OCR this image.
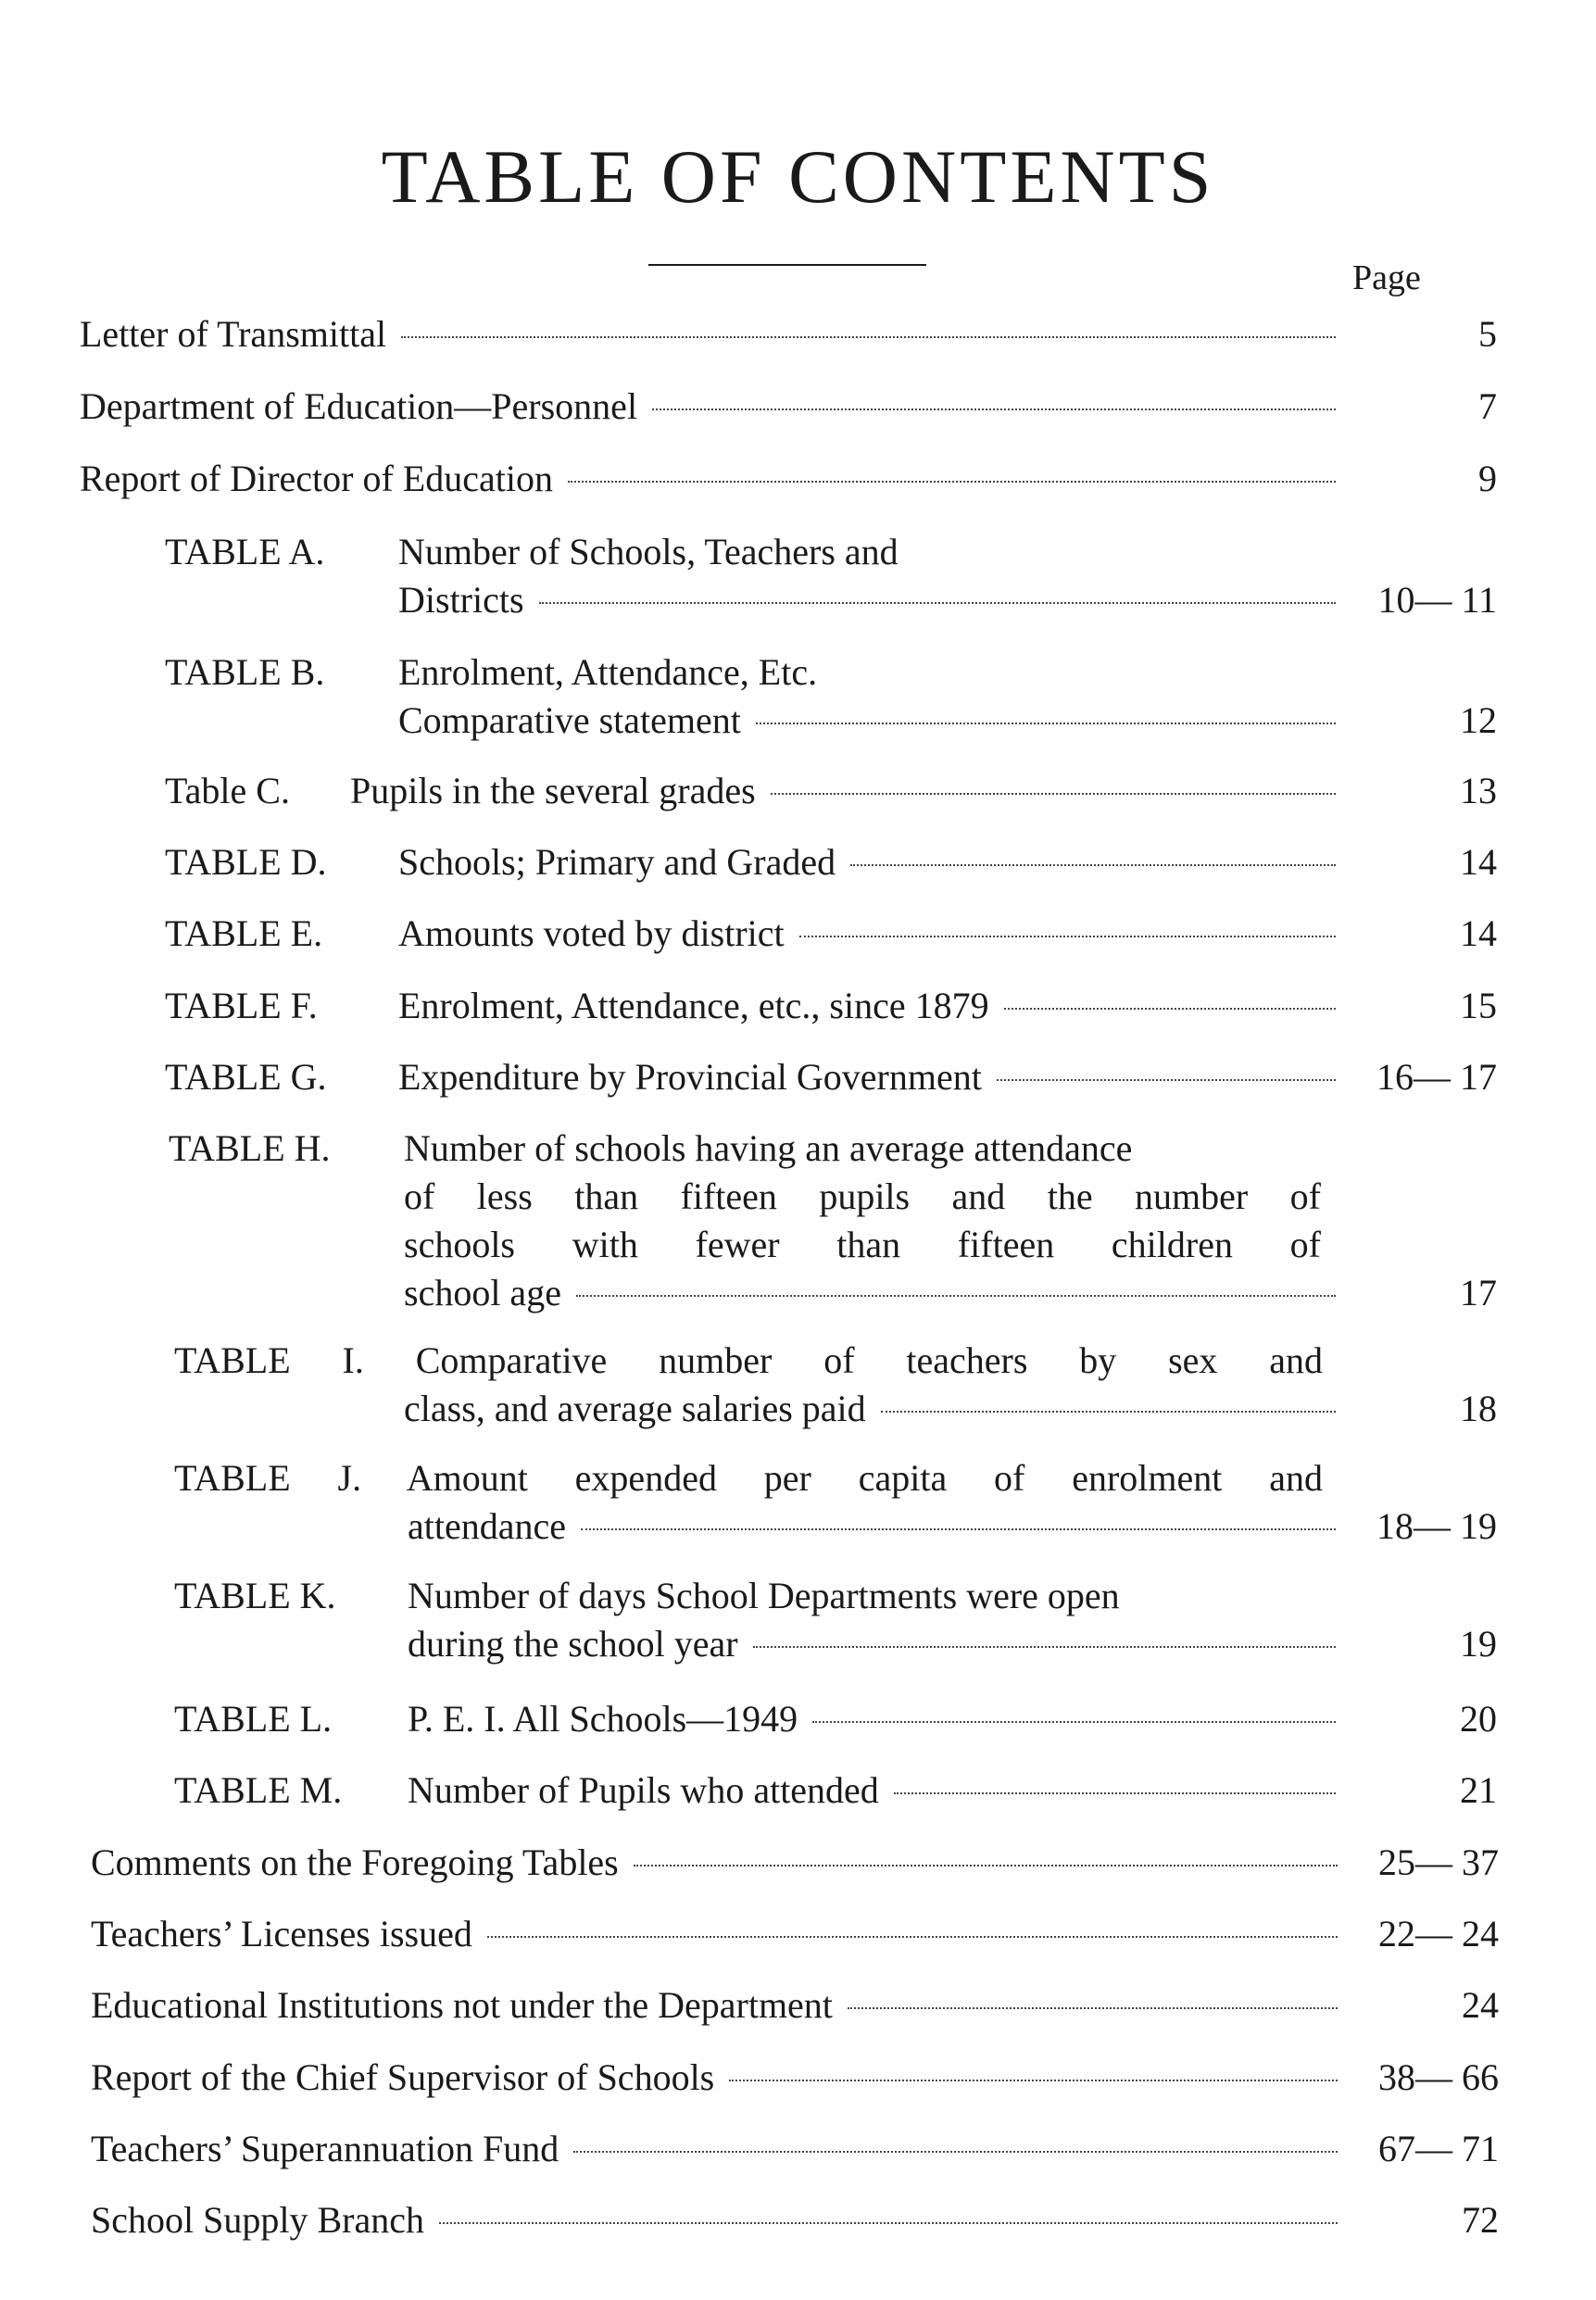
TABLE OF CONTENTS
Page
Letter of Transmittal	5
Department of Education—Personnel	7
Report of Director of Education	9
TABLE A.	Number of Schools, Teachers and
Districts	10— 11
TABLE B.	Enrolment, Attendance, Etc.
Comparative statement	12
Table C.	Pupils in the several grades	13
TABLE D.	Schools; Primary and Graded	14
TABLE E.	Amounts voted by district	14
TABLE F.	Enrolment, Attendance, etc., since 1879	15
TABLE G.	Expenditure by Provincial Government	16— 17
TABLE H.	Number of schools having an average attendance
of less than fifteen pupils and the number of
schools with fewer than fifteen children of
school age	17
TABLE I. Comparative number of teachers by sex and
class, and average salaries paid	18
TABLE J. Amount expended per capita of enrolment and
attendance	18— 19
TABLE K.	Number of days School Departments were open
during the school year	19
TABLE L.	P. E. I. All Schools—1949	20
TABLE M.	Number of Pupils who attended	21
Comments on the Foregoing Tables	25— 37
Teachers’ Licenses issued	22— 24
Educational Institutions not under the Department	24
Report of the Chief Supervisor of Schools	38— 66
Teachers’ Superannuation Fund	67— 71
School Supply Branch	72
